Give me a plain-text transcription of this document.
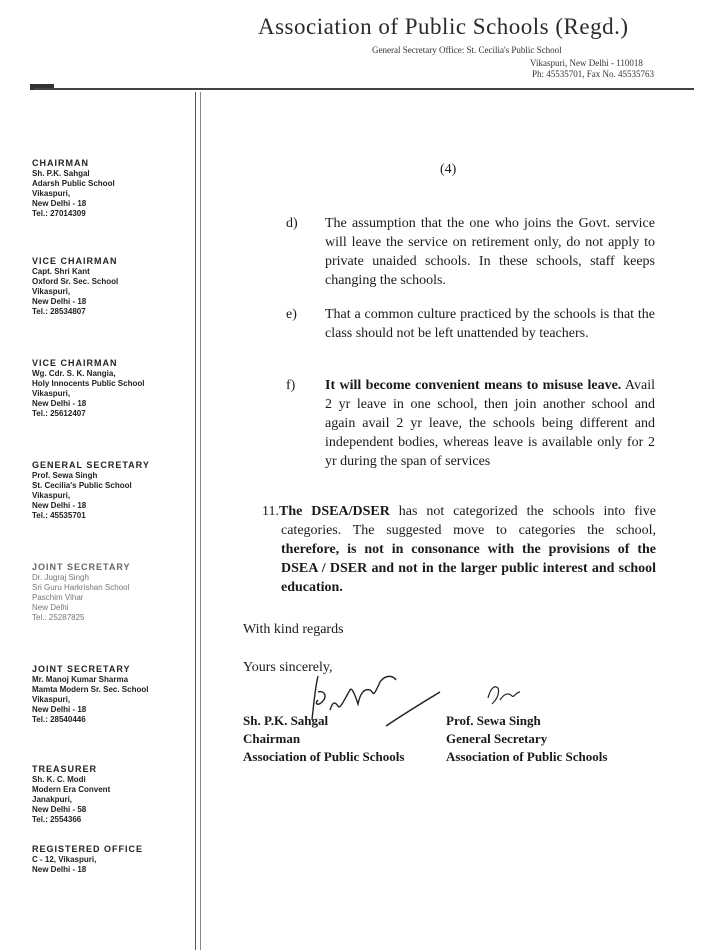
Association of Public Schools (Regd.)
General Secretary Office: St. Cecilia's Public School
Vikaspuri, New Delhi - 110018
Ph: 45535701, Fax No. 45535763
CHAIRMAN
Sh. P.K. Sahgal
Adarsh Public School
Vikaspuri,
New Delhi - 18
Tel.: 27014309
VICE CHAIRMAN
Capt. Shri Kant
Oxford Sr. Sec. School
Vikaspuri,
New Delhi - 18
Tel.: 28534807
VICE CHAIRMAN
Wg. Cdr. S. K. Nangia,
Holy Innocents Public School
Vikaspuri,
New Delhi - 18
Tel.: 25612407
GENERAL SECRETARY
Prof. Sewa Singh
St. Cecilia's Public School
Vikaspuri,
New Delhi - 18
Tel.: 45535701
JOINT SECRETARY
Dr. Jugraj Singh
Sri Guru Harkrishan School
Paschim Vihar
New Delhi
Tel.: 25287825
JOINT SECRETARY
Mr. Manoj Kumar Sharma
Mamta Modern Sr. Sec. School
Vikaspuri,
New Delhi - 18
Tel.: 28540446
TREASURER
Sh. K. C. Modi
Modern Era Convent
Janakpuri,
New Delhi - 58
Tel.: 2554366
REGISTERED OFFICE
C - 12, Vikaspuri,
New Delhi - 18
(4)
d) The assumption that the one who joins the Govt. service will leave the service on retirement only, do not apply to private unaided schools. In these schools, staff keeps changing the schools.
e) That a common culture practiced by the schools is that the class should not be left unattended by teachers.
f) It will become convenient means to misuse leave. Avail 2 yr leave in one school, then join another school and again avail 2 yr leave, the schools being different and independent bodies, whereas leave is available only for 2 yr during the span of services
11.The DSEA/DSER has not categorized the schools into five categories. The suggested move to categories the school, therefore, is not in consonance with the provisions of the DSEA / DSER and not in the larger public interest and school education.
With kind regards
Yours sincerely,
Sh. P.K. Sahgal
Chairman
Association of Public Schools
Prof. Sewa Singh
General Secretary
Association of Public Schools
